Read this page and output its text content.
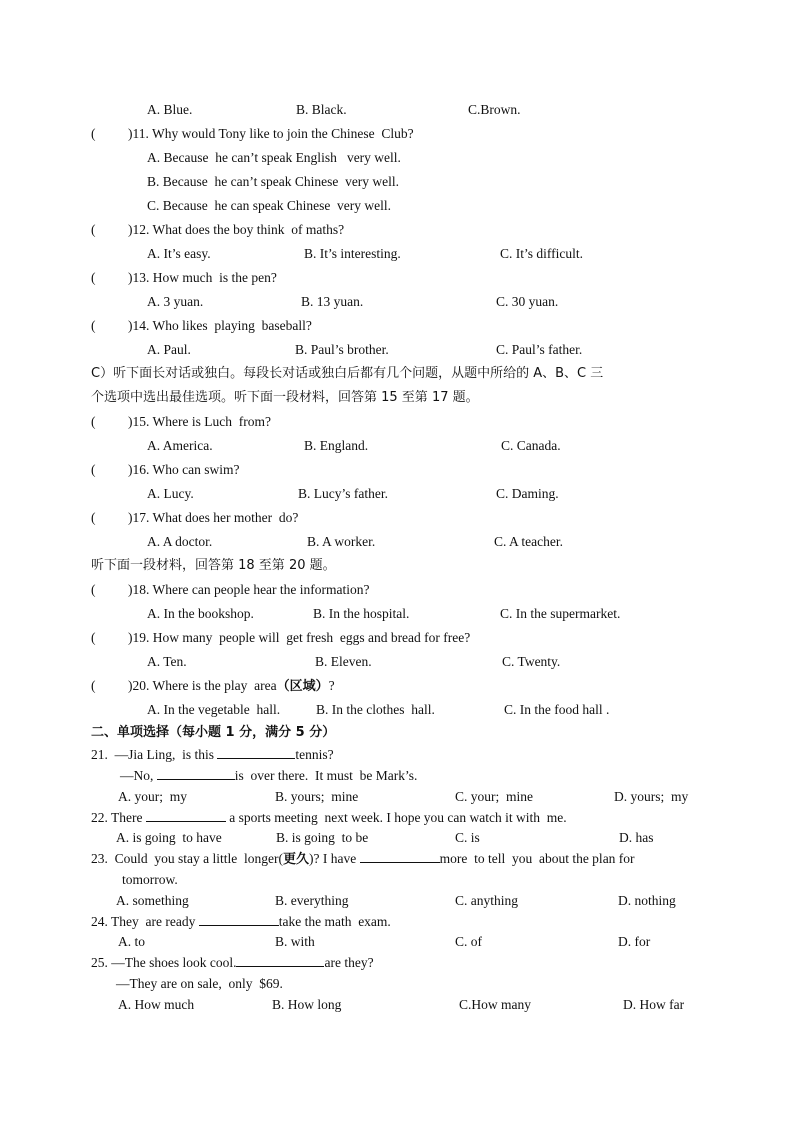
A. Blue.	B. Black.	C.Brown.
( )11. Why would Tony like to join the Chinese  Club?
A. Because  he can’t speak English   very well.
B. Because  he can’t speak Chinese  very well.
C. Because  he can speak Chinese  very well.
( )12. What does the boy think  of maths?
A. It’s easy.	B. It’s interesting.	C. It’s difficult.
( )13. How much  is the pen?
A. 3 yuan.	B. 13 yuan.	C. 30 yuan.
( )14. Who likes  playing  baseball?
A. Paul.	B. Paul’s brother.	C. Paul’s father.
C）听下面长对话或独白。每段长对话或独白后都有几个问题，从题中所给的 A、B、C 三
个选项中选出最佳选项。听下面一段材料，回答第 15 至第 17 题。
( )15. Where is Luch  from?
A. America.	B. England.	C. Canada.
( )16. Who can swim?
A. Lucy.	B. Lucy’s father.	C. Daming.
( )17. What does her mother  do?
A. A doctor.	B. A worker.	C. A teacher.
听下面一段材料，回答第 18 至第 20 题。
( )18. Where can people hear the information?
A. In the bookshop.	B. In the hospital.	C. In the supermarket.
( )19. How many  people will  get fresh  eggs and bread for free?
A. Ten.	B. Eleven.	C. Twenty.
( )20. Where is the play  area（区域）?
A. In the vegetable  hall.	B. In the clothes  hall.	C. In the food hall .
二、单项选择（每小题 1 分，满分 5 分）
21.  —Jia Ling,  is this	tennis?
—No,	is  over there.  It must  be Mark’s.
A. your;  my	B. yours;  mine	C. your;  mine	D. yours;  my
22. There	a sports meeting  next week. I hope you can watch it with  me.
A. is going  to have	B. is going  to be	C. is	D. has
23.  Could  you stay a little  longer(更久)? I have	more  to tell  you  about the plan for
tomorrow.
A. something	B. everything	C. anything	D. nothing
24. They  are ready	take the math  exam.
A. to	B. with	C. of	D. for
25. —The shoes look cool.	are they?
—They are on sale,  only  $69.
A. How much	B. How long	C.How many	D. How far
